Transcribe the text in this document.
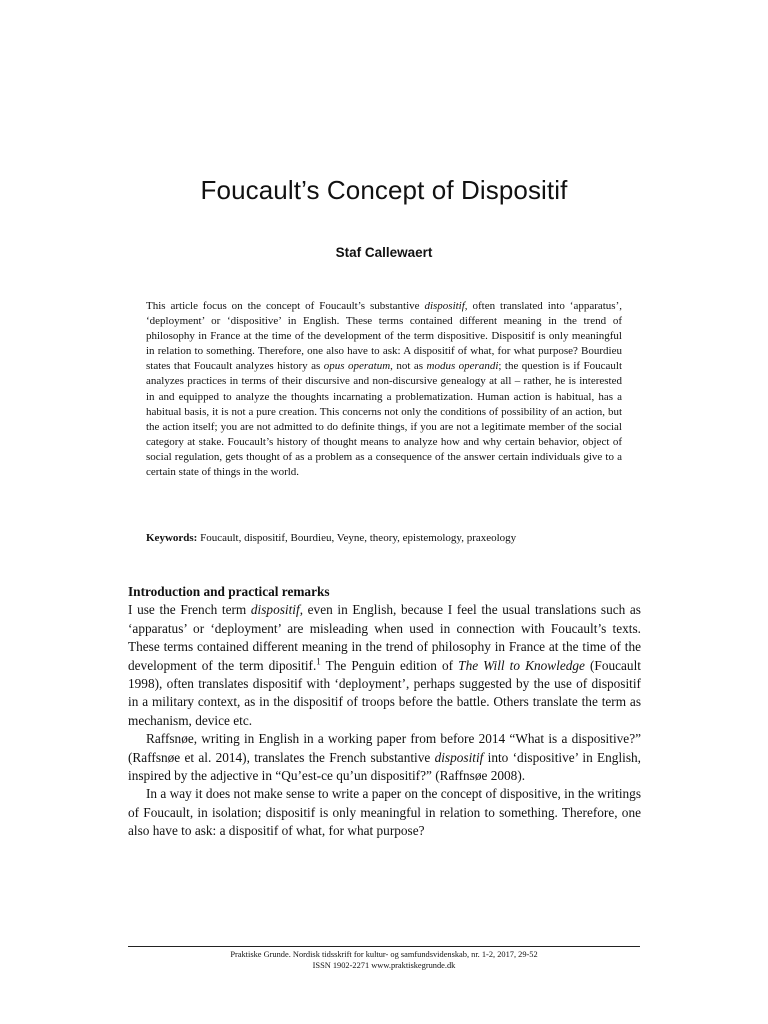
Foucault’s Concept of Dispositif
Staf Callewaert
This article focus on the concept of Foucault’s substantive dispositif, often translated into ‘apparatus’, ‘deployment’ or ‘dispositive’ in English. These terms contained different meaning in the trend of philosophy in France at the time of the development of the term dispositive. Dispositif is only meaningful in relation to something. Therefore, one also have to ask: A dispositif of what, for what purpose? Bourdieu states that Foucault analyzes history as opus operatum, not as modus operandi; the question is if Foucault analyzes practices in terms of their discursive and non-discursive genealogy at all – rather, he is interested in and equipped to analyze the thoughts incarnating a problematization. Human action is habitual, has a habitual basis, it is not a pure creation. This concerns not only the conditions of possibility of an action, but the action itself; you are not admitted to do definite things, if you are not a legitimate member of the social category at stake. Foucault’s history of thought means to analyze how and why certain behavior, object of social regulation, gets thought of as a problem as a consequence of the answer certain individuals give to a certain state of things in the world.
Keywords: Foucault, dispositif, Bourdieu, Veyne, theory, epistemology, praxeology
Introduction and practical remarks

I use the French term dispositif, even in English, because I feel the usual translations such as ‘apparatus’ or ‘deployment’ are misleading when used in connection with Foucault’s texts. These terms contained different meaning in the trend of philosophy in France at the time of the development of the term dipositif.$^1$ The Penguin edition of The Will to Knowledge (Foucault 1998), often translates dispositif with ‘deployment’, perhaps suggested by the use of dispositif in a military context, as in the dispositif of troops before the battle. Others translate the term as mechanism, device etc.

Raffsnøe, writing in English in a working paper from before 2014 “What is a dispositive?” (Raffsnøe et al. 2014), translates the French substantive dispositif into ‘dispositive’ in English, inspired by the adjective in “Qu’est-ce qu’un dispositif?” (Raffnsøe 2008).

In a way it does not make sense to write a paper on the concept of dispositive, in the writings of Foucault, in isolation; dispositif is only meaningful in relation to something. Therefore, one also have to ask: a dispositif of what, for what purpose?

Praktiske Grunde. Nordisk tidsskrift for kultur- og samfundsvidenskab, nr. 1-2, 2017, 29-52
ISSN 1902-2271 www.praktiskegrunde.dk
